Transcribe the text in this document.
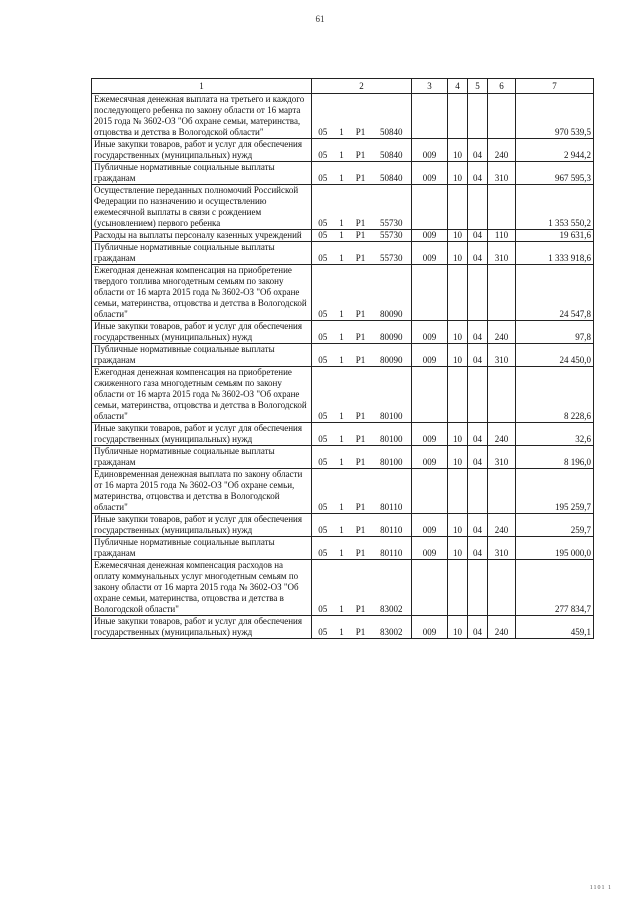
61
1	2				3	4	5	6	7
Ежемесячная денежная выплата на третьего и каждого последующего ребенка по закону области от 16 марта 2015 года № 3602-ОЗ "Об охране семьи, материнства, отцовства и детства в Вологодской области"	05	1	Р1	50840					970 539,5
Иные закупки товаров, работ и услуг для обеспечения государственных (муниципальных) нужд	05	1	Р1	50840	009	10	04	240	2 944,2
Публичные нормативные социальные выплаты гражданам	05	1	Р1	50840	009	10	04	310	967 595,3
Осуществление переданных полномочий Российской Федерации по назначению и осуществлению ежемесячной выплаты в связи с рождением (усыновлением) первого ребенка	05	1	Р1	55730					1 353 550,2
Расходы на выплаты персоналу казенных учреждений	05	1	Р1	55730	009	10	04	110	19 631,6
Публичные нормативные социальные выплаты гражданам	05	1	Р1	55730	009	10	04	310	1 333 918,6
Ежегодная денежная компенсация на приобретение твердого топлива многодетным семьям по закону области от 16 марта 2015 года № 3602-ОЗ "Об охране семьи, материнства, отцовства и детства в Вологодской области"	05	1	Р1	80090					24 547,8
Иные закупки товаров, работ и услуг для обеспечения государственных (муниципальных) нужд	05	1	Р1	80090	009	10	04	240	97,8
Публичные нормативные социальные выплаты гражданам	05	1	Р1	80090	009	10	04	310	24 450,0
Ежегодная денежная компенсация на приобретение сжиженного газа многодетным семьям по закону области от 16 марта 2015 года № 3602-ОЗ "Об охране семьи, материнства, отцовства и детства в Вологодской области"	05	1	Р1	80100					8 228,6
Иные закупки товаров, работ и услуг для обеспечения государственных (муниципальных) нужд	05	1	Р1	80100	009	10	04	240	32,6
Публичные нормативные социальные выплаты гражданам	05	1	Р1	80100	009	10	04	310	8 196,0
Единовременная денежная выплата по закону области от 16 марта 2015 года № 3602-ОЗ "Об охране семьи, материнства, отцовства и детства в Вологодской области"	05	1	Р1	80110					195 259,7
Иные закупки товаров, работ и услуг для обеспечения государственных (муниципальных) нужд	05	1	Р1	80110	009	10	04	240	259,7
Публичные нормативные социальные выплаты гражданам	05	1	Р1	80110	009	10	04	310	195 000,0
Ежемесячная денежная компенсация расходов на оплату коммунальных услуг многодетным семьям по закону области от 16 марта 2015 года № 3602-ОЗ "Об охране семьи, материнства, отцовства и детства в Вологодской области"	05	1	Р1	83002					277 834,7
Иные закупки товаров, работ и услуг для обеспечения государственных (муниципальных) нужд	05	1	Р1	83002	009	10	04	240	459,1
1101 1
